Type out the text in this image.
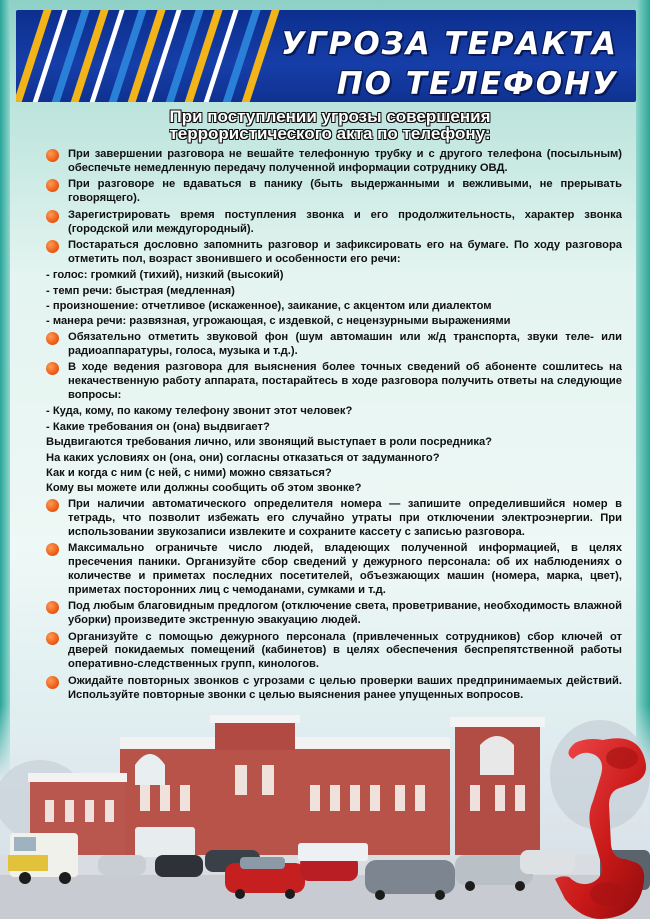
УГРОЗА ТЕРАКТА
ПО ТЕЛЕФОНУ
При поступлении угрозы совершения
террористического акта по телефону:
При завершении разговора не вешайте телефонную трубку и с другого телефона (посыльным) обеспечьте немедленную передачу полученной информации сотруднику ОВД.
При разговоре не вдаваться в панику (быть выдержанными и вежливыми, не прерывать говорящего).
Зарегистрировать время поступления звонка и его продолжительность, характер звонка (городской или междугородный).
Постараться дословно запомнить разговор и зафиксировать его на бумаге. По ходу разговора отметить пол, возраст звонившего и особенности его речи:
- голос: громкий (тихий), низкий (высокий)
- темп речи: быстрая (медленная)
- произношение: отчетливое (искаженное), заикание, с акцентом или диалектом
- манера речи: развязная, угрожающая, с издевкой, с нецензурными выражениями
Обязательно отметить звуковой фон (шум автомашин или ж/д транспорта, звуки теле- или радиоаппаратуры, голоса, музыка и т.д.).
В ходе ведения разговора для выяснения более точных сведений об абоненте сошлитесь на некачественную работу аппарата, постарайтесь в ходе разговора получить ответы на следующие вопросы:
- Куда, кому, по какому телефону звонит этот человек?
- Какие требования он (она) выдвигает?
Выдвигаются требования лично, или звонящий выступает в роли посредника?
На каких условиях он (она, они) согласны отказаться от задуманного?
Как и когда с ним (с ней, с ними) можно связаться?
Кому вы можете или должны сообщить об этом звонке?
При наличии автоматического определителя номера — запишите определившийся номер в тетрадь, что позволит избежать его случайно утраты при отключении электроэнергии. При использовании звукозаписи извлеките и сохраните кассету с записью разговора.
Максимально ограничьте число людей, владеющих полученной информацией, в целях пресечения паники. Организуйте сбор сведений у дежурного персонала: об их наблюдениях о количестве и приметах последних посетителей, объезжающих машин (номера, марка, цвет), приметах посторонних лиц с чемоданами, сумками и т.д.
Под любым благовидным предлогом (отключение света, проветривание, необходимость влажной уборки) произведите экстренную эвакуацию людей.
Организуйте с помощью дежурного персонала (привлеченных сотрудников) сбор ключей от дверей покидаемых помещений (кабинетов) в целях обеспечения беспрепятственной работы оперативно-следственных групп, кинологов.
Ожидайте повторных звонков с угрозами с целью проверки ваших предпринимаемых действий. Используйте повторные звонки с целью выяснения ранее упущенных вопросов.
